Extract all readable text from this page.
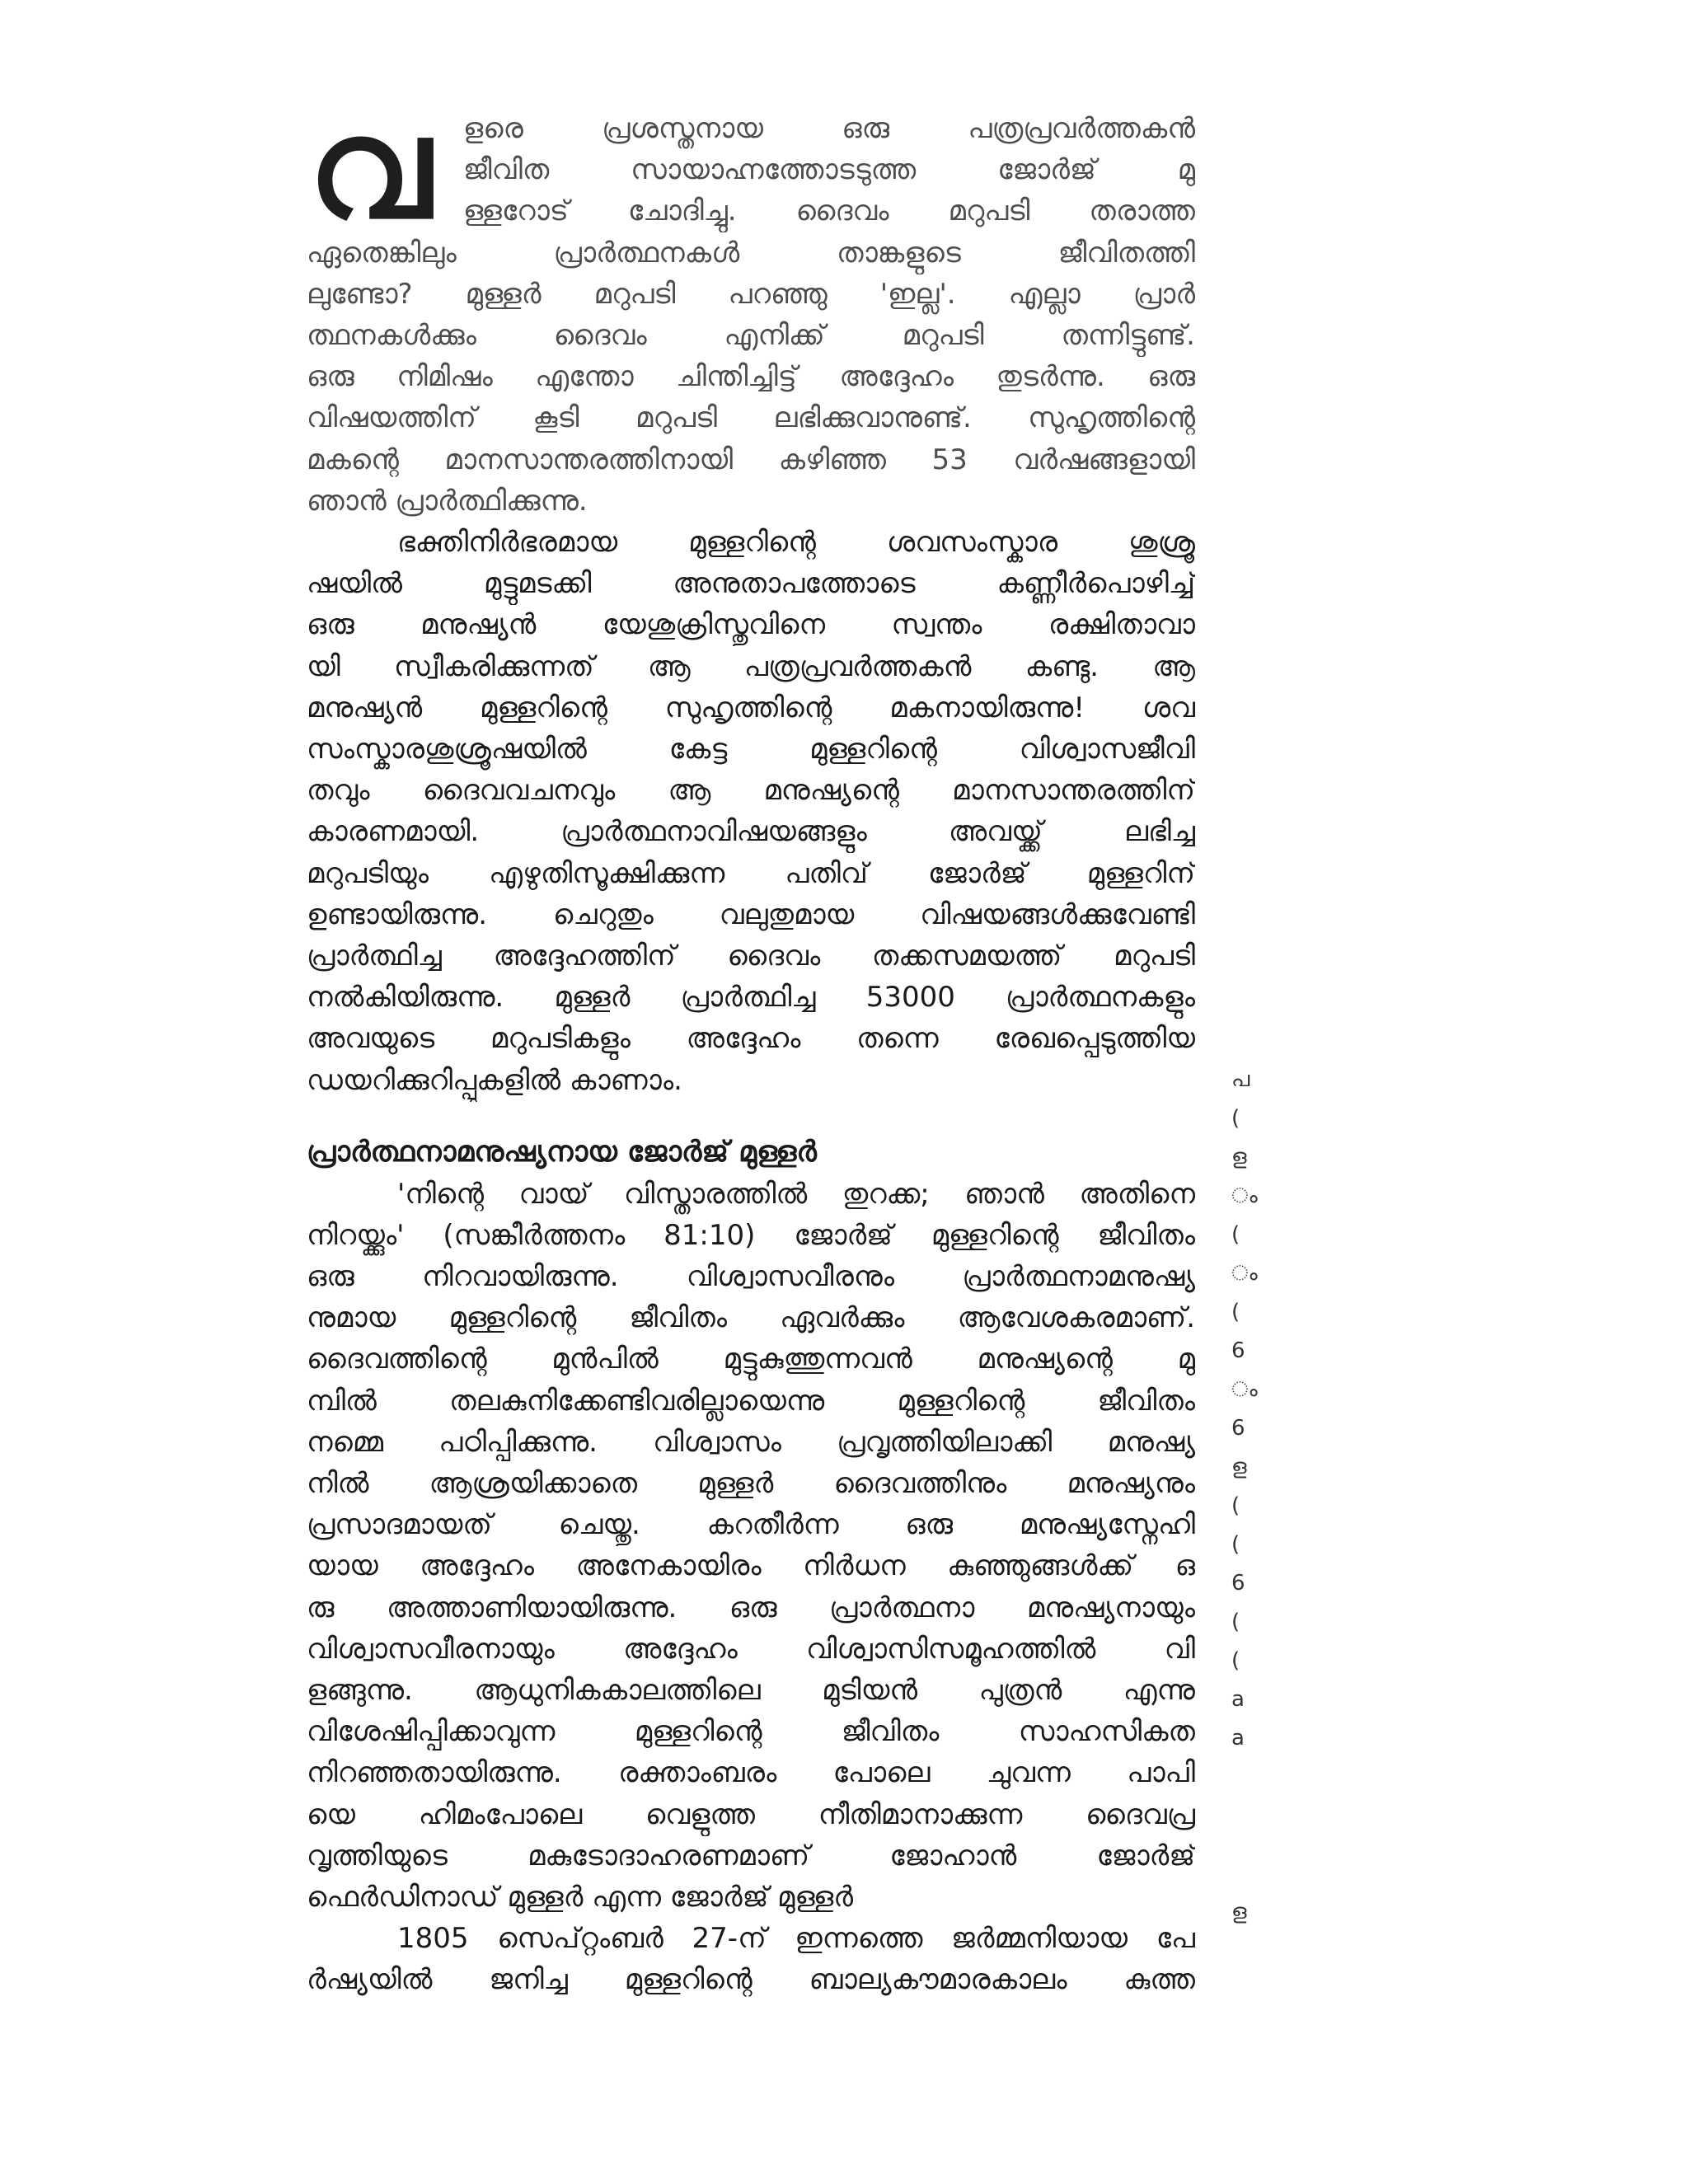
വ	ളരെ പ്രശസ്തനായ ഒരു പത്രപ്രവർത്തകൻ
ജീവിത സായാഹ്നത്തോടടുത്ത ജോർജ് മു
ള്ളറോട് ചോദിച്ചു. ദൈവം മറുപടി തരാത്ത
ഏതെങ്കിലും പ്രാർത്ഥനകൾ താങ്കളുടെ ജീവിതത്തി
ലുണ്ടോ? മുള്ളർ മറുപടി പറഞ്ഞു 'ഇല്ല'. എല്ലാ പ്രാർ
ത്ഥനകൾക്കും ദൈവം എനിക്ക് മറുപടി തന്നിട്ടുണ്ട്.
ഒരു നിമിഷം എന്തോ ചിന്തിച്ചിട്ട് അദ്ദേഹം തുടർന്നു. ഒരു
വിഷയത്തിന് കൂടി മറുപടി ലഭിക്കുവാനുണ്ട്. സുഹൃത്തിന്റെ
മകന്റെ മാനസാന്തരത്തിനായി കഴിഞ്ഞ 53 വർഷങ്ങളായി
ഞാൻ പ്രാർത്ഥിക്കുന്നു.
ഭക്തിനിർഭരമായ മുള്ളറിന്റെ ശവസംസ്കാര ശുശ്രൂ
ഷയിൽ മുട്ടുമടക്കി അനുതാപത്തോടെ കണ്ണീർപൊഴിച്ച്
ഒരു മനുഷ്യൻ യേശുക്രിസ്തുവിനെ സ്വന്തം രക്ഷിതാവാ
യി സ്വീകരിക്കുന്നത് ആ പത്രപ്രവർത്തകൻ കണ്ടു. ആ
മനുഷ്യൻ മുള്ളറിന്റെ സുഹൃത്തിന്റെ മകനായിരുന്നു! ശവ
സംസ്കാരശുശ്രൂഷയിൽ കേട്ട മുള്ളറിന്റെ വിശ്വാസജീവി
തവും ദൈവവചനവും ആ മനുഷ്യന്റെ മാനസാന്തരത്തിന്
കാരണമായി. പ്രാർത്ഥനാവിഷയങ്ങളും അവയ്ക്ക് ലഭിച്ച
മറുപടിയും എഴുതിസൂക്ഷിക്കുന്ന പതിവ് ജോർജ് മുള്ളറിന്
ഉണ്ടായിരുന്നു. ചെറുതും വലുതുമായ വിഷയങ്ങൾക്കുവേണ്ടി
പ്രാർത്ഥിച്ച അദ്ദേഹത്തിന് ദൈവം തക്കസമയത്ത് മറുപടി
നൽകിയിരുന്നു. മുള്ളർ പ്രാർത്ഥിച്ച 53000 പ്രാർത്ഥനകളും
അവയുടെ മറുപടികളും അദ്ദേഹം തന്നെ രേഖപ്പെടുത്തിയ
ഡയറിക്കുറിപ്പുകളിൽ കാണാം.
പ്രാർത്ഥനാമനുഷ്യനായ ജോർജ് മുള്ളർ
'നിന്റെ വായ് വിസ്താരത്തിൽ തുറക്ക; ഞാൻ അതിനെ
നിറയ്ക്കും' (സങ്കീർത്തനം 81:10) ജോർജ് മുള്ളറിന്റെ ജീവിതം
ഒരു നിറവായിരുന്നു. വിശ്വാസവീരനും പ്രാർത്ഥനാമനുഷ്യ
നുമായ മുള്ളറിന്റെ ജീവിതം ഏവർക്കും ആവേശകരമാണ്.
ദൈവത്തിന്റെ മുൻപിൽ മുട്ടുകുത്തുന്നവൻ മനുഷ്യന്റെ മു
മ്പിൽ തലകുനിക്കേണ്ടിവരില്ലായെന്നു മുള്ളറിന്റെ ജീവിതം
നമ്മെ പഠിപ്പിക്കുന്നു. വിശ്വാസം പ്രവൃത്തിയിലാക്കി മനുഷ്യ
നിൽ ആശ്രയിക്കാതെ മുള്ളർ ദൈവത്തിനും മനുഷ്യനും
പ്രസാദമായത് ചെയ്തു. കറതീർന്ന ഒരു മനുഷ്യസ്നേഹി
യായ അദ്ദേഹം അനേകായിരം നിർധന കുഞ്ഞുങ്ങൾക്ക് ഒ
രു അത്താണിയായിരുന്നു. ഒരു പ്രാർത്ഥനാ മനുഷ്യനായും
വിശ്വാസവീരനായും അദ്ദേഹം വിശ്വാസിസമൂഹത്തിൽ വി
ളങ്ങുന്നു. ആധുനികകാലത്തിലെ മുടിയൻ പുത്രൻ എന്നു
വിശേഷിപ്പിക്കാവുന്ന മുള്ളറിന്റെ ജീവിതം സാഹസികത
നിറഞ്ഞതായിരുന്നു. രക്താംബരം പോലെ ചുവന്ന പാപി
യെ ഹിമംപോലെ വെളുത്ത നീതിമാനാക്കുന്ന ദൈവപ്ര
വൃത്തിയുടെ മകുടോദാഹരണമാണ് ജോഹാൻ ജോർജ്
ഫെർഡിനാഡ് മുള്ളർ എന്ന ജോർജ് മുള്ളർ
1805 സെപ്റ്റംബർ 27-ന് ഇന്നത്തെ ജർമ്മനിയായ പേ
ർഷ്യയിൽ ജനിച്ച മുള്ളറിന്റെ ബാല്യകൗമാരകാലം കുത്ത
പ
(
ള
ം
(
ം
(
6
ം
6
ള
(
(
6
(
(
a
a
ള
